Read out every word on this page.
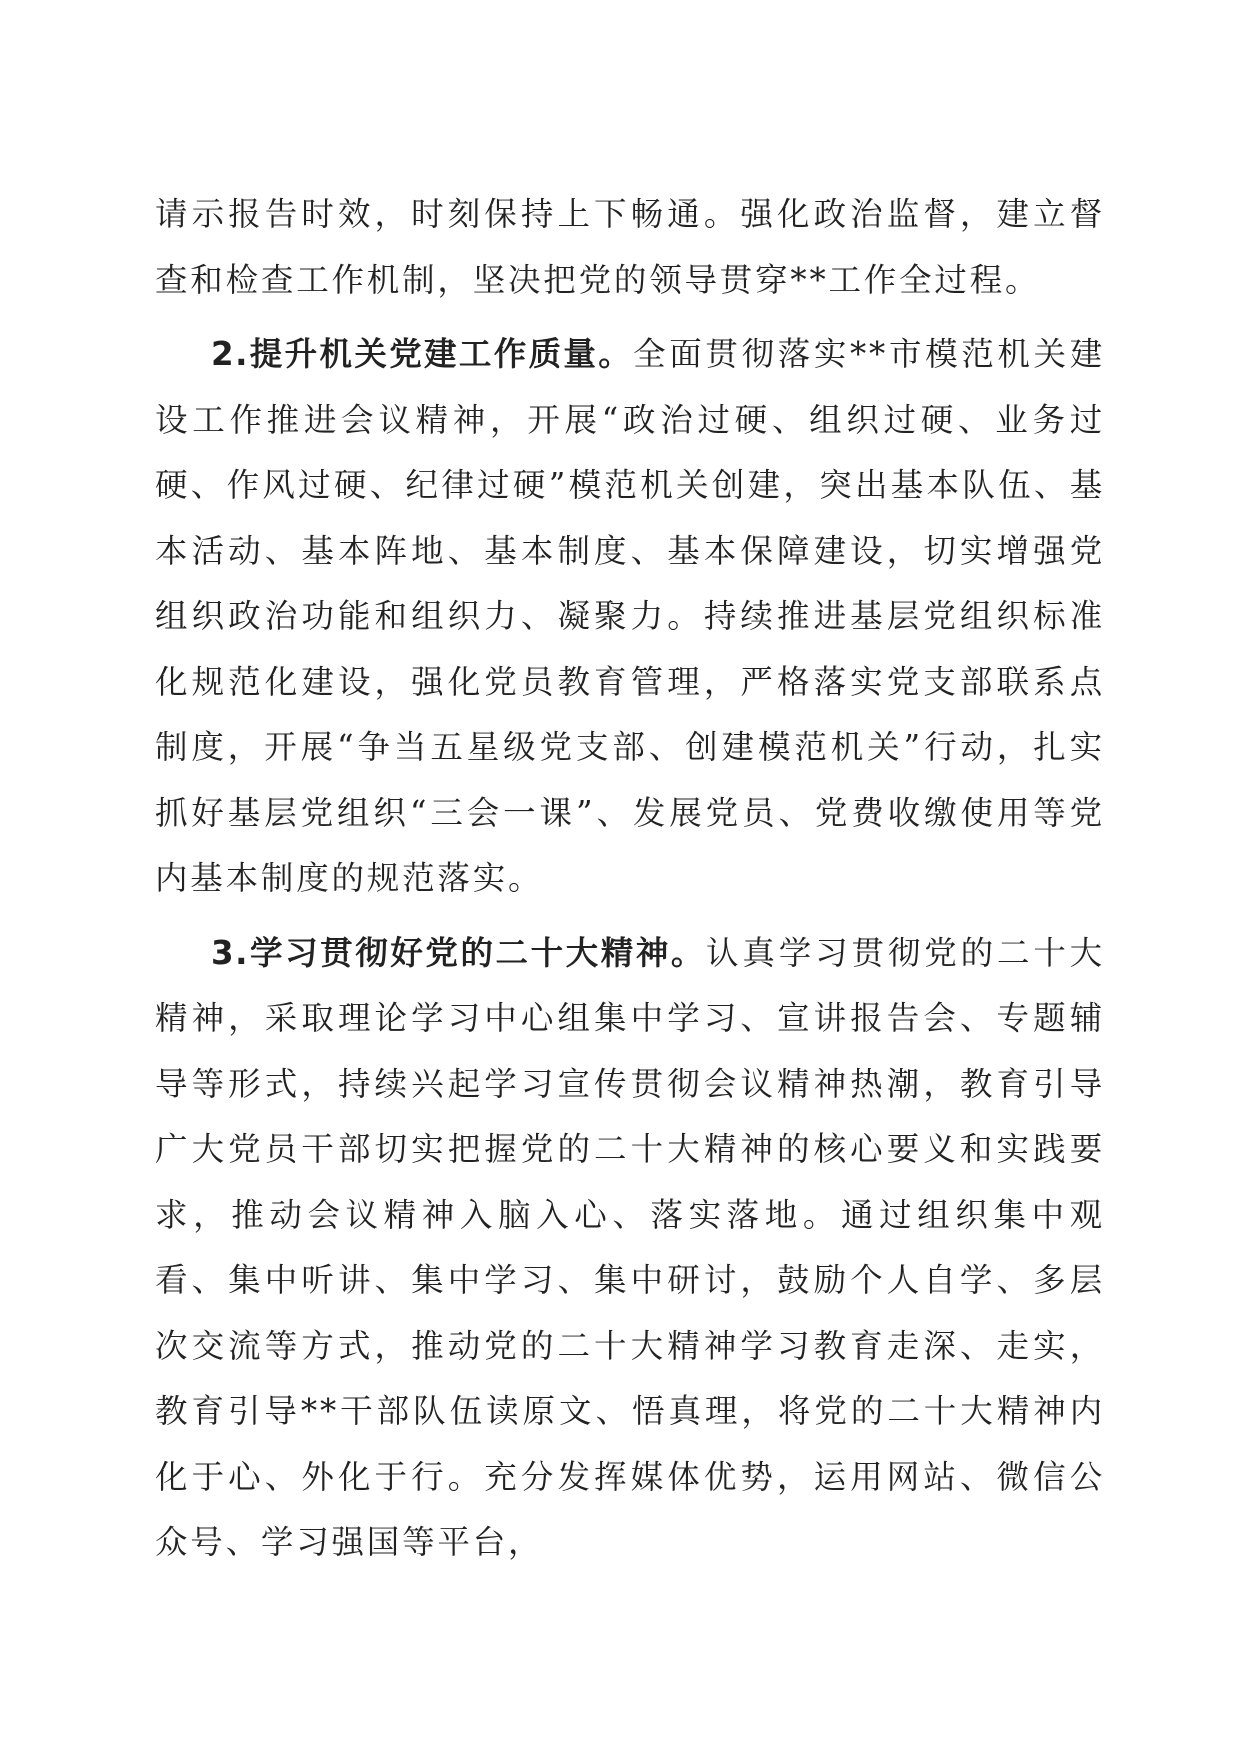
请示报告时效，时刻保持上下畅通。强化政治监督，建立督查和检查工作机制，坚决把党的领导贯穿**工作全过程。

2.提升机关党建工作质量。全面贯彻落实**市模范机关建设工作推进会议精神，开展“政治过硬、组织过硬、业务过硬、作风过硬、纪律过硬”模范机关创建，突出基本队伍、基本活动、基本阵地、基本制度、基本保障建设，切实增强党组织政治功能和组织力、凝聚力。持续推进基层党组织标准化规范化建设，强化党员教育管理，严格落实党支部联系点制度，开展“争当五星级党支部、创建模范机关”行动，扎实抓好基层党组织“三会一课”、发展党员、党费收缴使用等党内基本制度的规范落实。

3.学习贯彻好党的二十大精神。认真学习贯彻党的二十大精神，采取理论学习中心组集中学习、宣讲报告会、专题辅导等形式，持续兴起学习宣传贯彻会议精神热潮，教育引导广大党员干部切实把握党的二十大精神的核心要义和实践要求，推动会议精神入脑入心、落实落地。通过组织集中观看、集中听讲、集中学习、集中研讨，鼓励个人自学、多层次交流等方式，推动党的二十大精神学习教育走深、走实，教育引导**干部队伍读原文、悟真理，将党的二十大精神内化于心、外化于行。充分发挥媒体优势，运用网站、微信公众号、学习强国等平台，
